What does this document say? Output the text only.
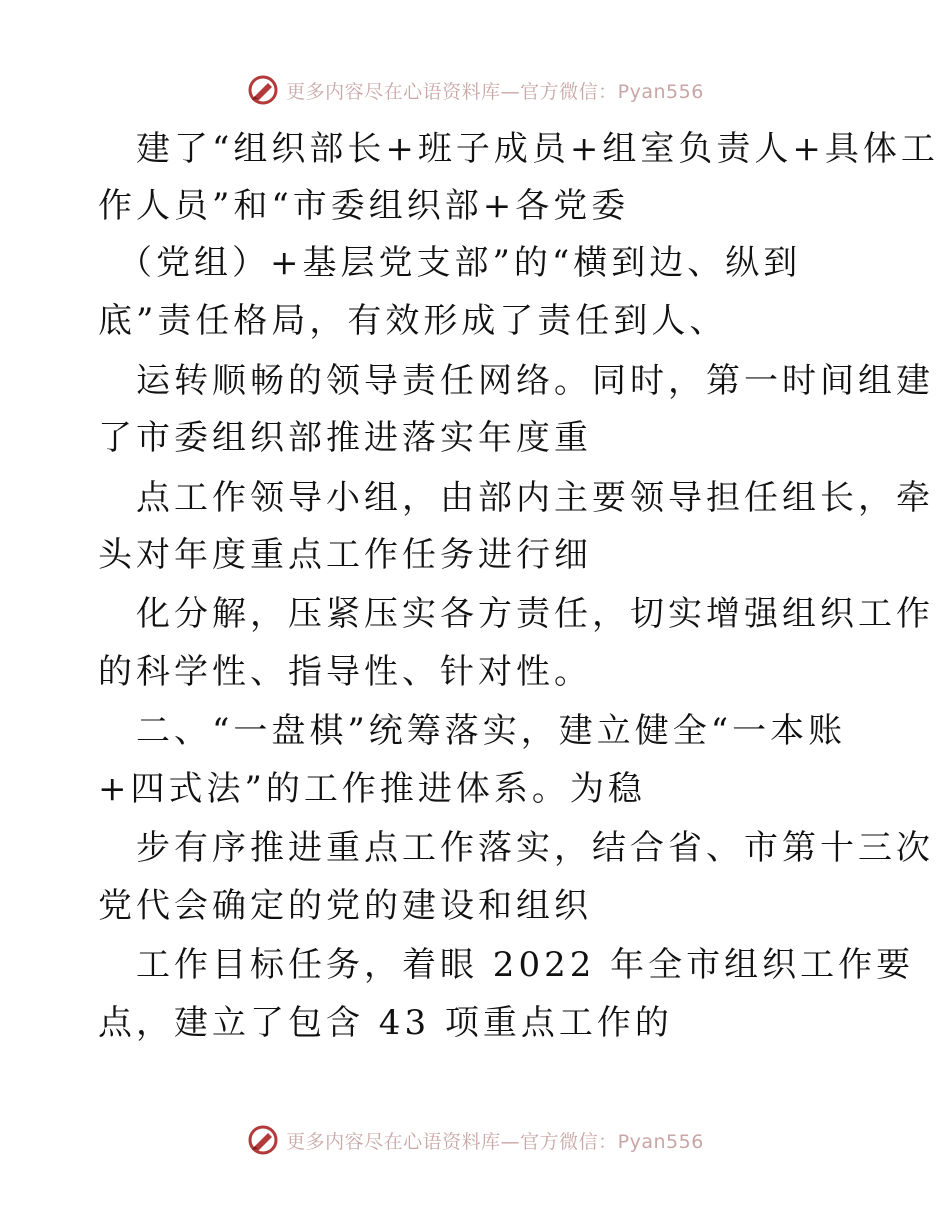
更多内容尽在心语资料库—官方微信：Pyan556
建了“组织部长+班子成员+组室负责人+具体工
作人员”和“市委组织部+各党委
（党组）+基层党支部”的“横到边、纵到
底”责任格局，有效形成了责任到人、
运转顺畅的领导责任网络。同时，第一时间组建
了市委组织部推进落实年度重
点工作领导小组，由部内主要领导担任组长，牵
头对年度重点工作任务进行细
化分解，压紧压实各方责任，切实增强组织工作
的科学性、指导性、针对性。
二、“一盘棋”统筹落实，建立健全“一本账
+四式法”的工作推进体系。为稳
步有序推进重点工作落实，结合省、市第十三次
党代会确定的党的建设和组织
工作目标任务，着眼 2022 年全市组织工作要
点，建立了包含 43 项重点工作的
更多内容尽在心语资料库—官方微信：Pyan556
